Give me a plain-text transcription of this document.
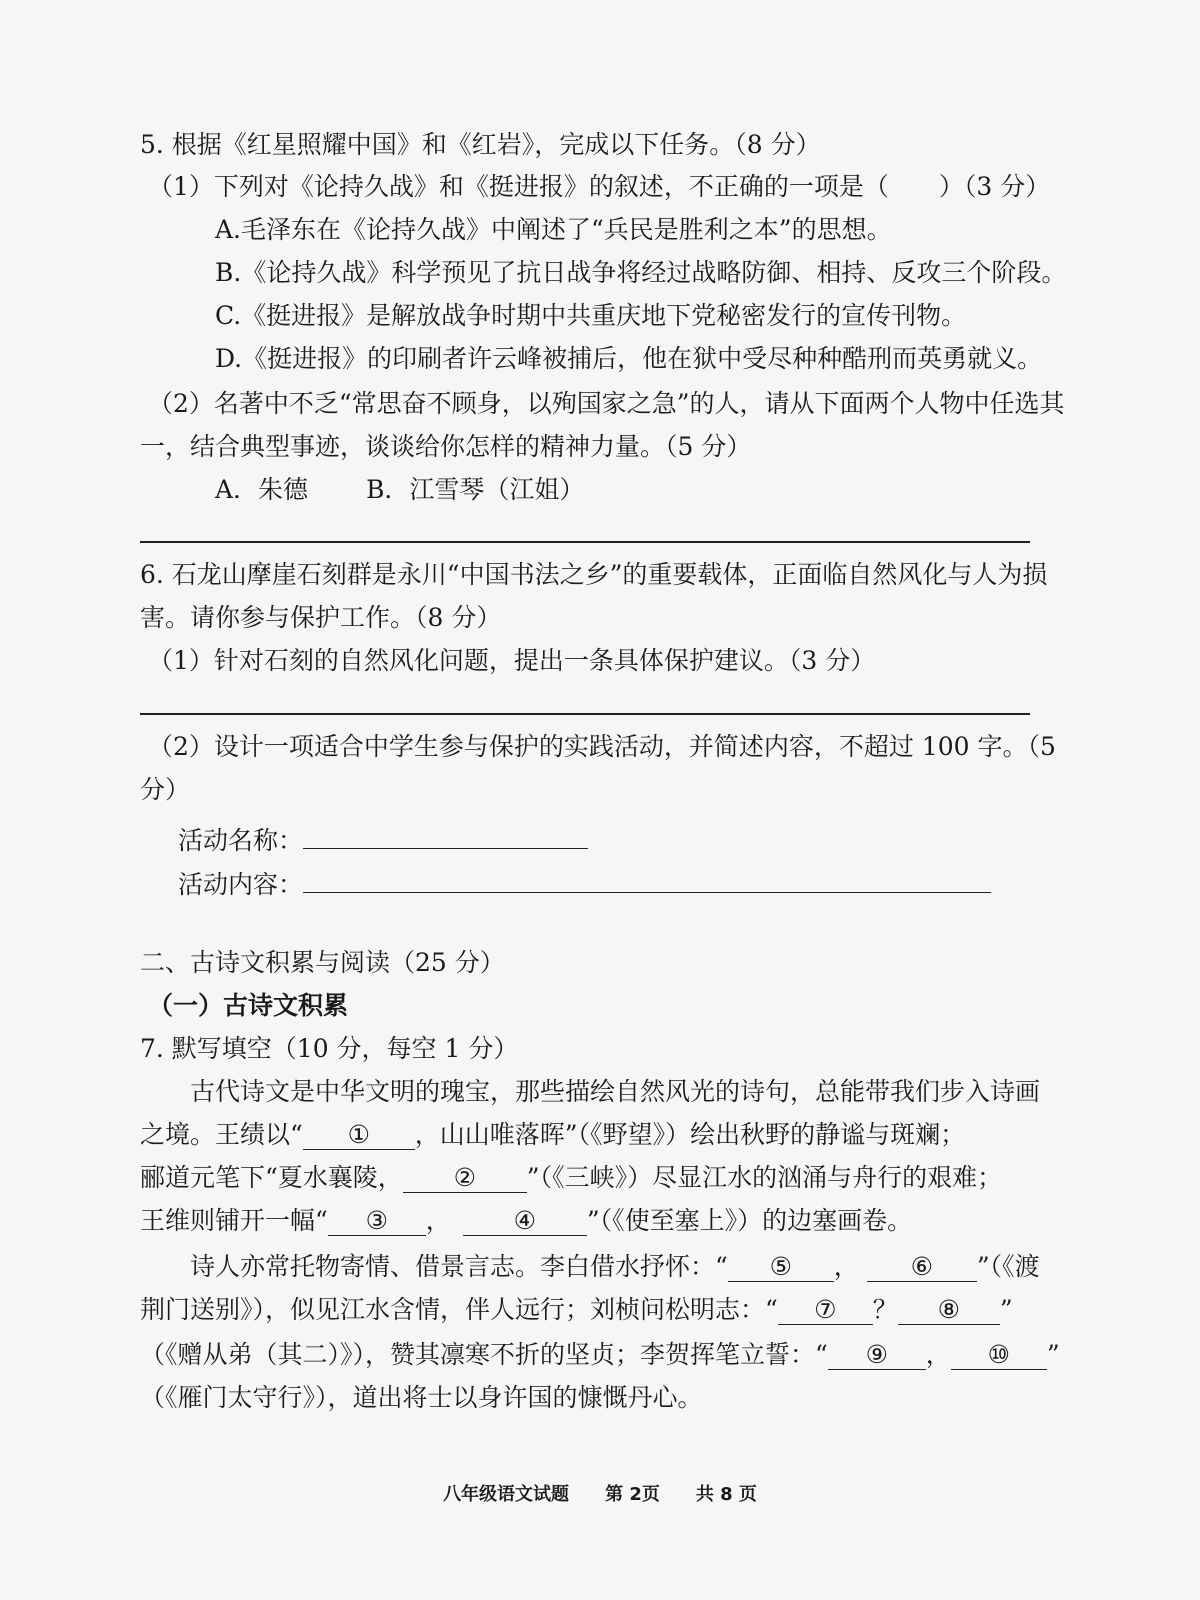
5. 根据《红星照耀中国》和《红岩》，完成以下任务。（8 分）
（1）下列对《论持久战》和《挺进报》的叙述，不正确的一项是（　　）（3 分）
A.毛泽东在《论持久战》中阐述了“兵民是胜利之本”的思想。
B.《论持久战》科学预见了抗日战争将经过战略防御、相持、反攻三个阶段。
C.《挺进报》是解放战争时期中共重庆地下党秘密发行的宣传刊物。
D.《挺进报》的印刷者许云峰被捕后，他在狱中受尽种种酷刑而英勇就义。
（2）名著中不乏“常思奋不顾身，以殉国家之急”的人，请从下面两个人物中任选其
一，结合典型事迹，谈谈给你怎样的精神力量。（5 分）
A．朱德 B．江雪琴（江姐）
6. 石龙山摩崖石刻群是永川“中国书法之乡”的重要载体，正面临自然风化与人为损
害。请你参与保护工作。（8 分）
（1）针对石刻的自然风化问题，提出一条具体保护建议。（3 分）
（2）设计一项适合中学生参与保护的实践活动，并简述内容，不超过 100 字。（5
分）
活动名称：
活动内容：
二、古诗文积累与阅读（25 分）
（一）古诗文积累
7. 默写填空（10 分，每空 1 分）
古代诗文是中华文明的瑰宝，那些描绘自然风光的诗句，总能带我们步入诗画
之境。王绩以“ ① ，山山唯落晖”（《野望》）绘出秋野的静谧与斑斓；
郦道元笔下“夏水襄陵， ② ”（《三峡》）尽显江水的汹涌与舟行的艰难；
王维则铺开一幅“ ③ ，	④ ”（《使至塞上》）的边塞画卷。
诗人亦常托物寄情、借景言志。李白借水抒怀：“ ⑤ ， ⑥ ”（《渡
荆门送别》），似见江水含情，伴人远行；刘桢问松明志：“ ⑦ ？ ⑧ ”
（《赠从弟（其二）》），赞其凛寒不折的坚贞；李贺挥笔立誓：“ ⑨ ， ⑩ ”
（《雁门太守行》），道出将士以身许国的慷慨丹心。
八年级语文试题 第 2页 共 8 页
